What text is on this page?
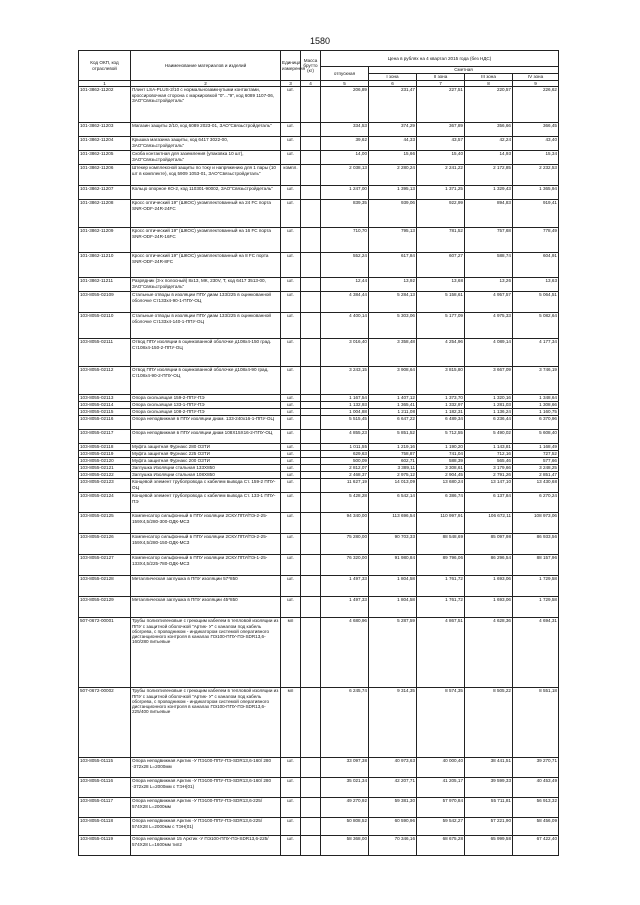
1580
Код ОКП, код отраслевой	Наименование материалов и изделий	Единица измерения	Масса брутто (кг)	Цена в рублях на 4 квартал 2015 года (без НДС)				
				отпускная	Сметная			
					I зона	II зона	III зона	IV зона
1	2	3	4	5	6	7	8	9
101-3862-11202	Плинт LSA-PLUS-2/10 с нормальнозамкнутыми контактами, кроссировочная сторона с маркировкой "0"..."9", код 6089 1107-06, ЗАО"Связьстройдеталь"	шт.		206,89	231,47	227,51	220,57	226,62
101-3862-11203	Магазин защиты 2/10, код 6089 2023-01, ЗАО"Связьстройдеталь"	шт.		334,53	374,29	367,89	356,66	366,45
101-3862-11204	Крышка магазина защиты, код 6417 3022-00, ЗАО"Связьстройдеталь"	шт.		39,62	44,33	43,57	42,24	43,40
101-3862-11205	Скоба контактная для заземления (упаковка 10 шт), ЗАО"Связьстройдеталь"	шт.		14,00	15,66	15,40	14,93	15,34
101-3862-11206	Штекер комплексной защиты по току и напряжению для 1 пары (10 шт в комплекте), код 5909 1053-01, ЗАО"Связьстройдеталь"	компл.		2 038,13	2 280,24	2 241,22	2 172,85	2 232,53
101-3862-11207	Кольцо опорное КО-2, код 110301-90002, ЗАО"Связьстройдеталь"	шт.		1 247,00	1 395,13	1 371,25	1 329,43	1 365,94
101-3862-11208	Кросс оптический 19" (ШКОС) укомплектованный на 24 FC порта SNR-ODF-24R-24FC	шт.		839,35	939,06	922,99	894,83	919,41
101-3862-11209	Кросс оптический 19" (ШКОС) укомплектованный на 16 FC порта SNR-ODF-24R-16FC	шт.		710,70	795,13	781,52	757,68	778,49
101-3862-11210	Кросс оптический 19" (ШКОС) укомплектованный на 8 FC порта SNR-ODF-24R-8FC	шт.		552,24	617,84	607,27	588,74	604,91
101-3862-11211	Разрядник (3-х полосный) 8х13, МК, 230V, Т, код 6417 3513-00, ЗАО"Связьстройдеталь"	шт.		12,44	13,92	13,68	13,26	13,63
103-8055-02109	Стальные отводы в изоляции ППУ диам 133/225 в оцинкованной оболочке Ст133х4-90-1-ППУ-ОЦ	шт.		4 384,44	5 284,13	5 158,61	4 957,57	5 064,51
103-8055-02110	Стальные отводы в изоляции ППУ диам 133/225 в оцинкованной оболочке Ст133х4-140-1-ППУ-ОЦ	шт.		4 400,14	5 303,06	5 177,09	4 975,33	5 082,64
103-8055-02111	Отвод ППУ изоляции в оцинкованной оболочке д108х4-150 град. Ст108х4-150-2-ППУ-ОЦ	шт.		3 016,40	3 358,48	4 254,96	4 089,14	4 177,34
103-8055-02112	Отвод ППУ изоляции в оцинкованной оболочке д108х4-90 град. Ст108х4-90-2-ППУ-ОЦ	шт.		3 243,15	3 908,64	3 815,80	3 667,09	3 746,19
103-8055-02113	Опора скользящая 159-2-ППУ-ПЭ	шт.		1 167,54	1 407,12	1 373,70	1 320,16	1 348,64
103-8055-02114	Опора скользящая 133-1-ППУ-ПЭ	шт.		1 132,93	1 365,41	1 332,97	1 281,03	1 308,66
103-8055-02115	Опора скользящая 108-2-ППУ-ПЭ	шт.		1 004,88	1 211,08	1 182,31	1 136,24	1 160,75
103-8055-02116	Опора неподвижная в ППУ изоляции диам. 133-240х16-1-ППУ-ОЦ	шт.		5 515,45	6 647,22	6 489,34	6 236,44	6 370,96
103-8055-02117	Опора неподвижная в ППУ изоляции диам 108Х15Х16-2-ППУ-ОЦ	шт.		4 855,23	5 851,52	5 712,55	5 490,02	5 608,40
103-8055-02118	Муфта защитная Фурнакс 280 ОЗТИ	шт.		1 011,55	1 219,16	1 190,20	1 143,81	1 168,49
103-8055-02119	Муфта защитная Фурнакс 225 ОЗТИ	шт.		629,63	758,87	741,04	712,16	727,52
103-8055-02120	Муфта защитная Фурнакс 200 ОЗТИ	шт.		500,09	602,71	588,39	565,46	577,66
103-8055-02121	Заглушка Изоляции стальная 133Х850	шт.		2 812,07	3 389,11	3 308,61	3 179,66	3 248,25
103-8055-02122	Заглушка Изоляции стальная 108Х850	шт.		2 468,37	2 975,12	2 904,45	2 791,26	2 851,47
103-8055-02123	Концевой элемент трубопровода с кабелем вывода Ст. 159-2 ППУ-ОЦ	шт.		11 627,19	14 013,09	13 680,24	13 147,10	13 430,68
103-8055-02124	Концевой элемент трубопровода с кабелем вывода Ст. 133-1 ППУ-ПЭ	шт.		5 428,28	6 542,14	6 386,74	6 137,84	6 270,24
103-8055-02125	Компенсатор сильфонный в ППУ изоляции 2СКУ.ППУ/ПЭ-2-25-159Х4,5/280-300-ОДК-МСЗ	шт.		94 340,00	113 696,54	110 997,91	106 672,11	108 973,06
103-8055-02126	Компенсатор сильфонный в ППУ изоляции 2СКУ.ППУ/ПЭ-2-25-159Х4,5/280-150-ОДК-МСЗ	шт.		75 280,00	90 703,33	88 548,69	85 097,98	86 933,56
103-8055-02127	Компенсатор сильфонный в ППУ изоляции 2СКУ.ППУ/ПЭ-1-25-133Х4,5/225-780-ОДК-МСЗ	шт.		76 320,00	91 980,84	89 796,06	86 296,54	88 157,96
103-8055-02128	Металлическая заглушка в ППУ изоляции 57*850	шт.		1 497,33	1 804,58	1 761,72	1 693,06	1 729,58
103-8055-02129	Металлическая заглушка в ППУ изоляции 45*850	шт.		1 497,33	1 804,58	1 761,72	1 693,06	1 729,58
507-0672-00001	Трубы полиэтиленовые с греющим кабелем в тепловой изоляции из ППУ с защитной оболочкой "Артик- У" с каналом под кабель обогрева, с проводником - индикатором системой оперативного дистанционного контроля в каналах ПЭ100-ППУ-ПЭ-SDR13,6-160/280 питьевые	мп		4 680,96	5 287,59	4 867,51	4 628,36	4 694,31
507-0672-00002	Трубы полиэтиленовые с греющим кабелем в тепловой изоляции из ППУ с защитной оболочкой "Артик- У" с каналом под кабель обогрева, с проводником - индикатором системой оперативного дистанционного контроля в каналах ПЭ100-ППУ-ПЭ-SDR13,6-225/400 питьевые	мп		6 245,74	9 314,35	8 574,35	8 505,22	8 551,18
103-8055-01115	Опора неподвижная Арктик -У ПЭ100-ППУ-ПЭ-SDR13,6-160/ 280 -372х28 L=2000мм	шт.		33 097,38	40 973,63	40 000,40	38 441,51	39 270,71
103-8055-01116	Опора неподвижная Арктик -У ПЭ100-ППУ-ПЭ-SDR13,6-160/ 280 -372х28 L=2000мм с ТЭН(01)	шт.		35 021,34	42 207,71	41 205,17	39 599,33	40 453,49
103-8055-01117	Опора неподвижная Арктик -У ПЭ100-ППУ-ПЭ-SDR13,6-225/ 574Х28 L=2000мм	шт.		49 270,92	59 381,30	57 970,84	55 711,81	56 913,32
103-8055-01118	Опора неподвижная Арктик -У ПЭ100-ППУ-ПЭ-SDR13,6-225/ 574Х28 L=2000мм с ТЭН(01)	шт.		50 808,52	60 590,96	59 542,27	57 221,90	58 456,09
103-8055-01119	Опора неподвижная 15 Арктик -У ПЭ100-ППУ-ПЭ-SDR13,6-225/ 574Х28 L=1600мм тип2	шт.		58 368,00	70 346,16	68 675,28	65 999,58	67 422,40
